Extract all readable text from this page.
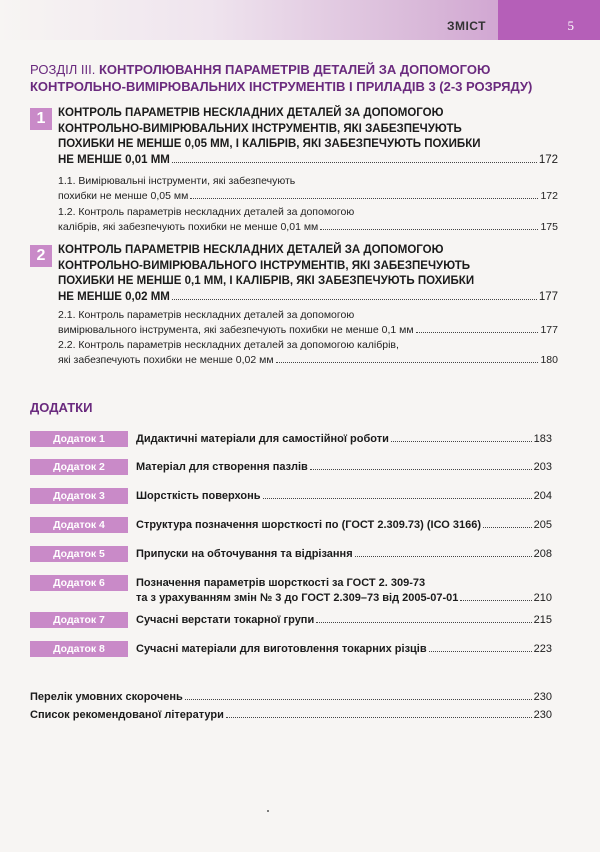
ЗМІСТ	5
РОЗДІЛ ІІІ. КОНТРОЛЮВАННЯ ПАРАМЕТРІВ ДЕТАЛЕЙ ЗА ДОПОМОГОЮ
КОНТРОЛЬНО-ВИМІРЮВАЛЬНИХ ІНСТРУМЕНТІВ І ПРИЛАДІВ 3 (2-3 РОЗРЯДУ)
1	КОНТРОЛЬ ПАРАМЕТРІВ НЕСКЛАДНИХ ДЕТАЛЕЙ ЗА ДОПОМОГОЮ
КОНТРОЛЬНО-ВИМІРЮВАЛЬНИХ ІНСТРУМЕНТІВ, ЯКІ ЗАБЕЗПЕЧУЮТЬ
ПОХИБКИ НЕ МЕНШЕ 0,05 ММ, І КАЛІБРІВ, ЯКІ ЗАБЕЗПЕЧУЮТЬ ПОХИБКИ
НЕ МЕНШЕ 0,01 ММ	172
1.1. Вимірювальні інструменти, які забезпечують
похибки не менше 0,05 мм	172
1.2. Контроль параметрів нескладних деталей за допомогою
калібрів, які забезпечують похибки не менше 0,01 мм	175
2	КОНТРОЛЬ ПАРАМЕТРІВ НЕСКЛАДНИХ ДЕТАЛЕЙ ЗА ДОПОМОГОЮ
КОНТРОЛЬНО-ВИМІРЮВАЛЬНОГО ІНСТРУМЕНТІВ, ЯКІ ЗАБЕЗПЕЧУЮТЬ
ПОХИБКИ НЕ МЕНШЕ 0,1 ММ, І КАЛІБРІВ, ЯКІ ЗАБЕЗПЕЧУЮТЬ ПОХИБКИ
НЕ МЕНШЕ 0,02 ММ	177
2.1. Контроль параметрів нескладних деталей за допомогою
вимірювального інструмента, які забезпечують похибки не менше 0,1 мм	177
2.2. Контроль параметрів нескладних деталей за допомогою калібрів,
які забезпечують похибки не менше 0,02 мм	180
ДОДАТКИ
Додаток 1	Дидактичні матеріали для самостійної роботи	183
Додаток 2	Матеріал для створення пазлів	203
Додаток 3	Шорсткість поверхонь	204
Додаток 4	Структура позначення шорсткості по (ГОСТ 2.309.73) (ІСО 3166)	205
Додаток 5	Припуски на обточування та відрізання	208
Додаток 6	Позначення параметрів шорсткості за ГОСТ 2. 309-73
та з урахуванням змін № 3 до ГОСТ 2.309–73 від 2005-07-01	210
Додаток 7	Сучасні верстати токарної групи	215
Додаток 8	Сучасні матеріали для виготовлення токарних різців	223
Перелік умовних скорочень	230
Список рекомендованої літератури	230
